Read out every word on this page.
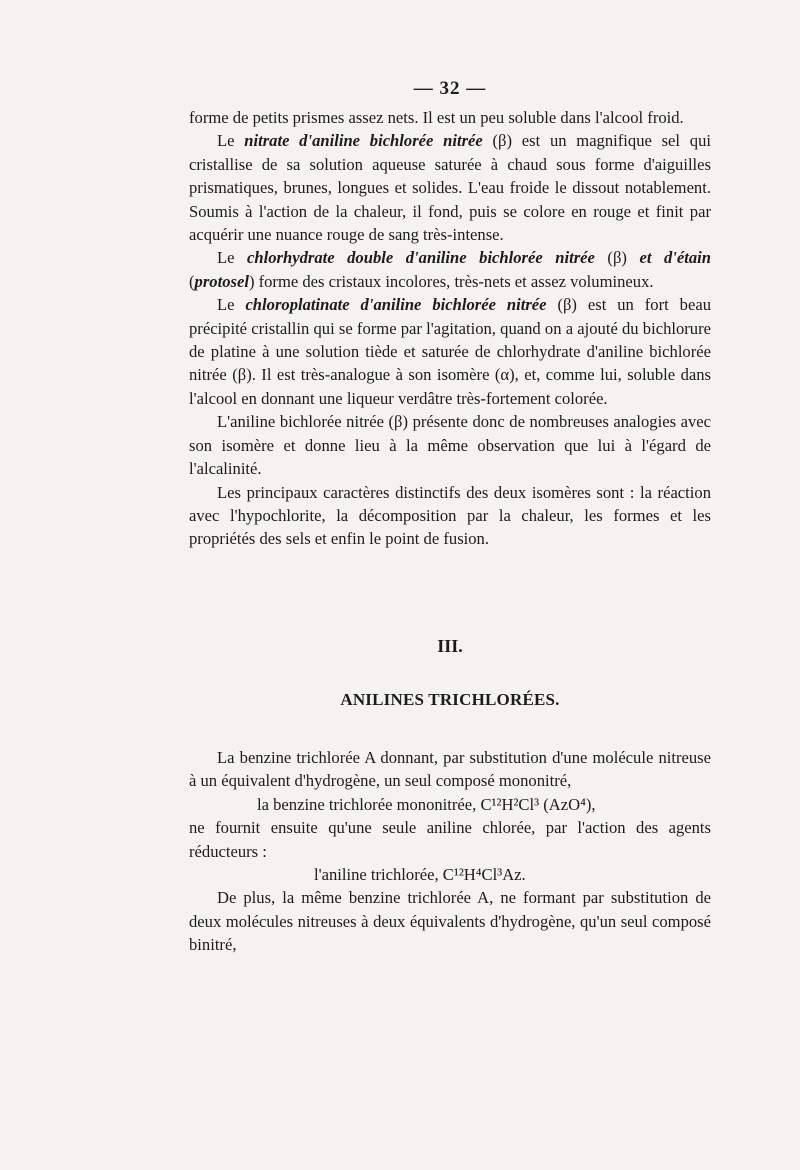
— 32 —

forme de petits prismes assez nets. Il est un peu soluble dans l'alcool froid.

Le nitrate d'aniline bichlorée nitrée (β) est un magnifique sel qui cristallise de sa solution aqueuse saturée à chaud sous forme d'aiguilles prismatiques, brunes, longues et solides. L'eau froide le dissout notablement. Soumis à l'action de la chaleur, il fond, puis se colore en rouge et finit par acquérir une nuance rouge de sang très-intense.

Le chlorhydrate double d'aniline bichlorée nitrée (β) et d'étain (protosel) forme des cristaux incolores, très-nets et assez volumineux.

Le chloroplatinate d'aniline bichlorée nitrée (β) est un fort beau précipité cristallin qui se forme par l'agitation, quand on a ajouté du bichlorure de platine à une solution tiède et saturée de chlorhydrate d'aniline bichlorée nitrée (β). Il est très-analogue à son isomère (α), et, comme lui, soluble dans l'alcool en donnant une liqueur verdâtre très-fortement colorée.

L'aniline bichlorée nitrée (β) présente donc de nombreuses analogies avec son isomère et donne lieu à la même observation que lui à l'égard de l'alcalinité.

Les principaux caractères distinctifs des deux isomères sont : la réaction avec l'hypochlorite, la décomposition par la chaleur, les formes et les propriétés des sels et enfin le point de fusion.

III.
ANILINES TRICHLORÉES.

La benzine trichlorée A donnant, par substitution d'une molécule nitreuse à un équivalent d'hydrogène, un seul composé mononitré,

la benzine trichlorée mononitrée, C¹²H²Cl³ (AzO⁴),

ne fournit ensuite qu'une seule aniline chlorée, par l'action des agents réducteurs :

l'aniline trichlorée, C¹²H⁴Cl³Az.

De plus, la même benzine trichlorée A, ne formant par substitution de deux molécules nitreuses à deux équivalents d'hydrogène, qu'un seul composé binitré,
